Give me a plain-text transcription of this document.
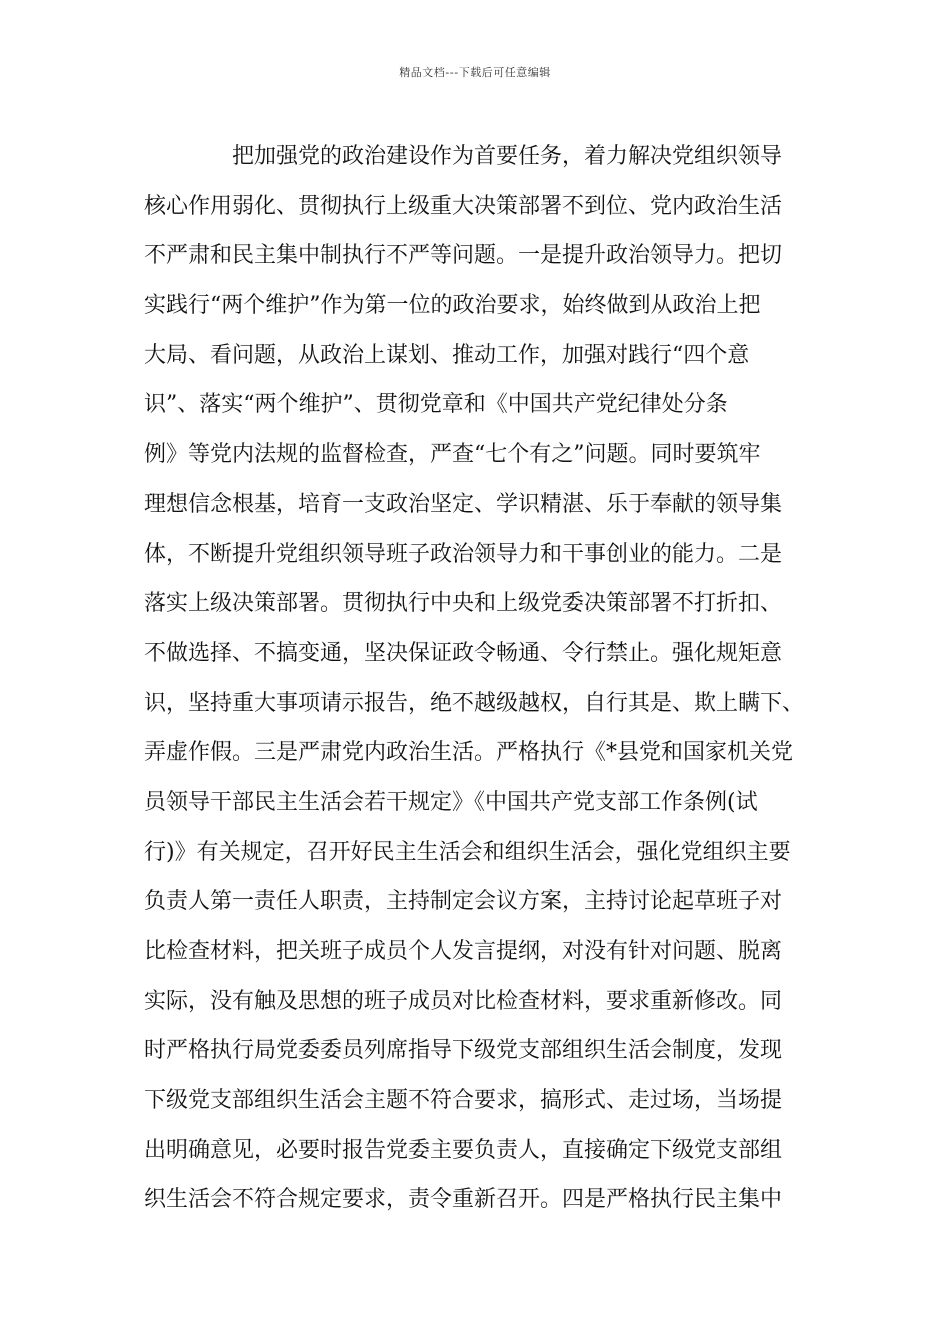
精品文档---下载后可任意编辑
把加强党的政治建设作为首要任务，着力解决党组织领导
核心作用弱化、贯彻执行上级重大决策部署不到位、党内政治生活
不严肃和民主集中制执行不严等问题。一是提升政治领导力。把切
实践行“两个维护”作为第一位的政治要求，始终做到从政治上把
大局、看问题，从政治上谋划、推动工作，加强对践行“四个意
识”、落实“两个维护”、贯彻党章和《中国共产党纪律处分条
例》等党内法规的监督检查，严查“七个有之”问题。同时要筑牢
理想信念根基，培育一支政治坚定、学识精湛、乐于奉献的领导集
体，不断提升党组织领导班子政治领导力和干事创业的能力。二是
落实上级决策部署。贯彻执行中央和上级党委决策部署不打折扣、
不做选择、不搞变通，坚决保证政令畅通、令行禁止。强化规矩意
识，坚持重大事项请示报告，绝不越级越权，自行其是、欺上瞒下、
弄虚作假。三是严肃党内政治生活。严格执行《*县党和国家机关党
员领导干部民主生活会若干规定》《中国共产党支部工作条例(试
行)》有关规定，召开好民主生活会和组织生活会，强化党组织主要
负责人第一责任人职责，主持制定会议方案，主持讨论起草班子对
比检查材料，把关班子成员个人发言提纲，对没有针对问题、脱离
实际，没有触及思想的班子成员对比检查材料，要求重新修改。同
时严格执行局党委委员列席指导下级党支部组织生活会制度，发现
下级党支部组织生活会主题不符合要求，搞形式、走过场，当场提
出明确意见，必要时报告党委主要负责人，直接确定下级党支部组
织生活会不符合规定要求，责令重新召开。四是严格执行民主集中
